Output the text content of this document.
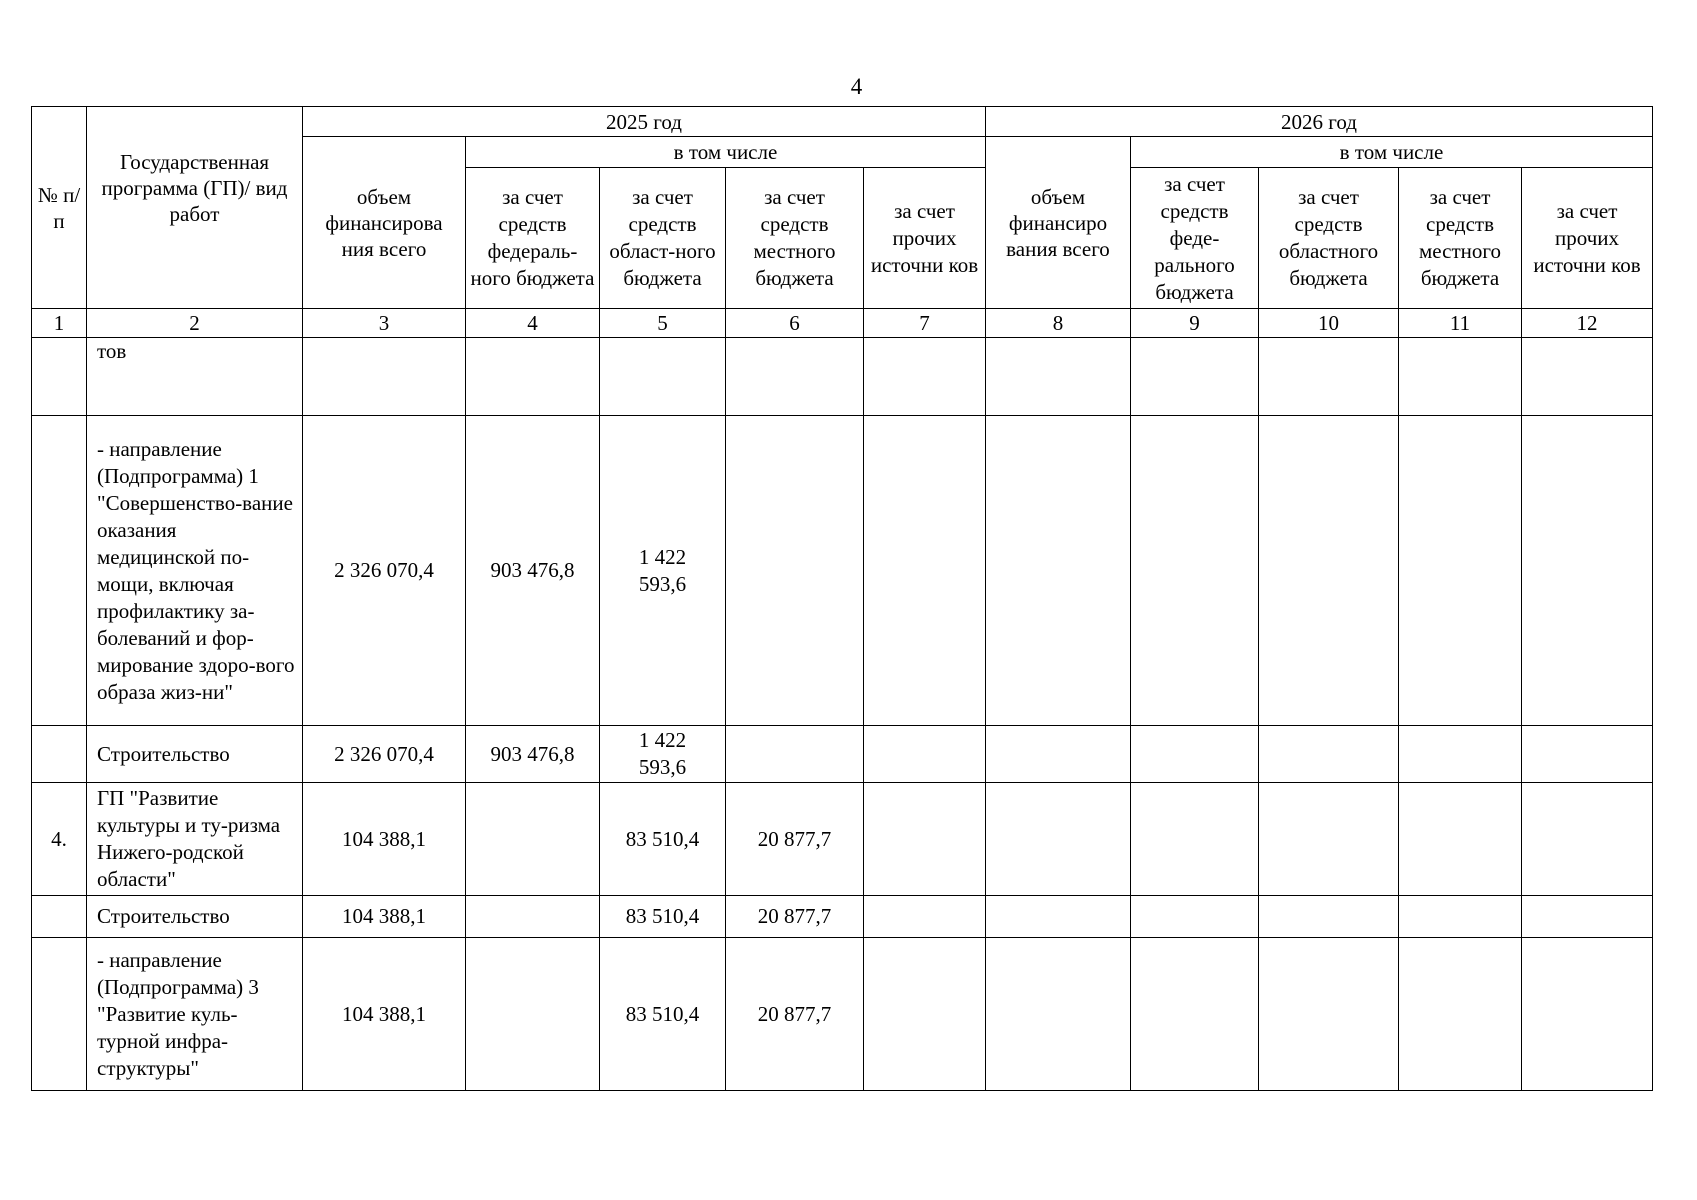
4
№ п/п	Государственная программа (ГП)/ вид работ	2025 год					2026 год				
		объем финансирова ния всего	в том числе				объем финансиро вания всего	в том числе			
			за счет средств федераль-ного бюджета	за счет средств област-ного бюджета	за счет средств местного бюджета	за счет прочих источни ков		за счет средств феде-рального бюджета	за счет средств областного бюджета	за счет средств местного бюджета	за счет прочих источни ков
1	2	3	4	5	6	7	8	9	10	11	12
	тов										
	- направление (Подпрограмма) 1 "Совершенство-вание оказания медицинской по-мощи, включая профилактику за-болеваний и фор-мирование здоро-вого образа жиз-ни"	2 326 070,4	903 476,8	1 422 593,6							
	Строительство	2 326 070,4	903 476,8	1 422 593,6							
4.	ГП "Развитие культуры и ту-ризма Нижего-родской области"	104 388,1		83 510,4	20 877,7						
	Строительство	104 388,1		83 510,4	20 877,7						
	- направление (Подпрограмма) 3 "Развитие куль-турной инфра-структуры"	104 388,1		83 510,4	20 877,7						
